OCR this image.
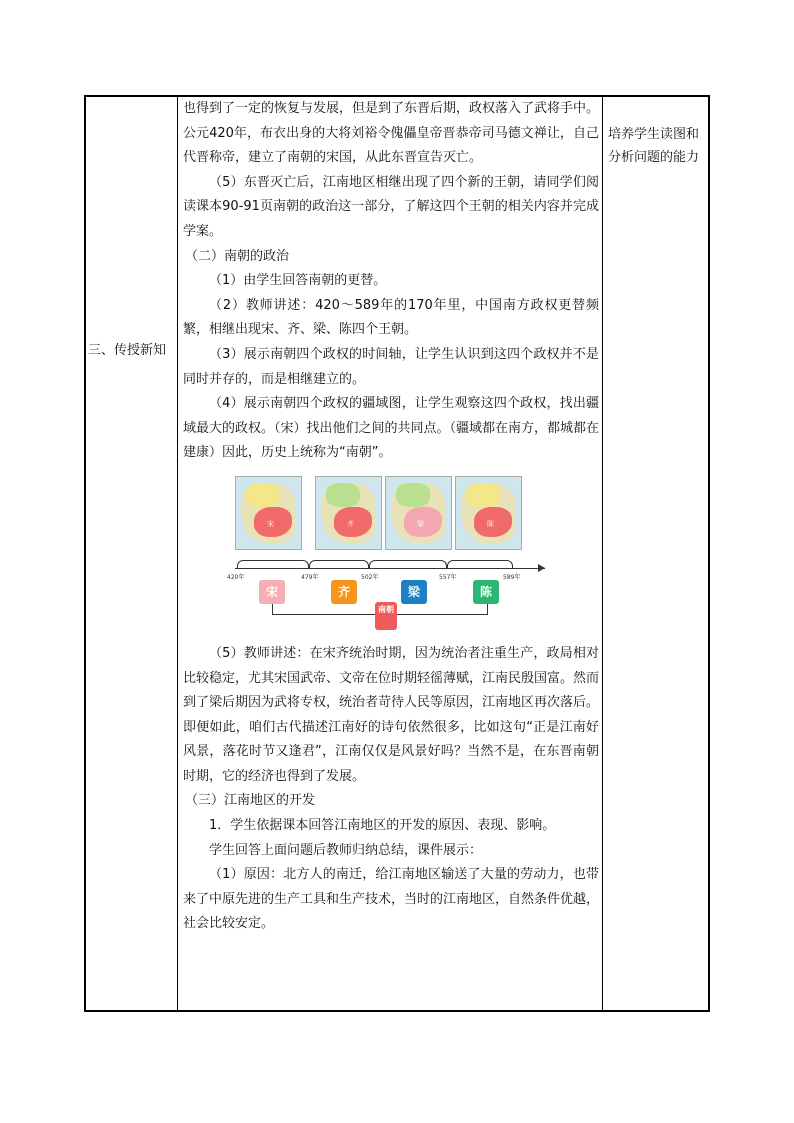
三、传授新知

也得到了一定的恢复与发展，但是到了东晋后期，政权落入了武将手中。公元420年，布衣出身的大将刘裕令傀儡皇帝晋恭帝司马德文禅让，自己代晋称帝，建立了南朝的宋国，从此东晋宣告灭亡。

（5）东晋灭亡后，江南地区相继出现了四个新的王朝，请同学们阅读课本90-91页南朝的政治这一部分，了解这四个王朝的相关内容并完成学案。

（二）南朝的政治

（1）由学生回答南朝的更替。

（2）教师讲述：420～589年的170年里，中国南方政权更替频繁，相继出现宋、齐、梁、陈四个王朝。

（3）展示南朝四个政权的时间轴，让学生认识到这四个政权并不是同时并存的，而是相继建立的。

（4）展示南朝四个政权的疆域图，让学生观察这四个政权，找出疆域最大的政权。（宋）找出他们之间的共同点。（疆域都在南方，都城都在建康）因此，历史上统称为“南朝”。

宋	齐	梁	陈
420年	479年	502年	557年	589年
宋	齐	梁	陈
南朝

（5）教师讲述：在宋齐统治时期，因为统治者注重生产，政局相对比较稳定，尤其宋国武帝、文帝在位时期轻徭薄赋，江南民殷国富。然而到了梁后期因为武将专权，统治者苛待人民等原因，江南地区再次落后。即便如此，咱们古代描述江南好的诗句依然很多，比如这句“正是江南好风景，落花时节又逢君”，江南仅仅是风景好吗？当然不是，在东晋南朝时期，它的经济也得到了发展。

（三）江南地区的开发

1．学生依据课本回答江南地区的开发的原因、表现、影响。

学生回答上面问题后教师归纳总结，课件展示：

（1）原因：北方人的南迁，给江南地区输送了大量的劳动力，也带来了中原先进的生产工具和生产技术，当时的江南地区，自然条件优越，社会比较安定。

培养学生读图和分析问题的能力
